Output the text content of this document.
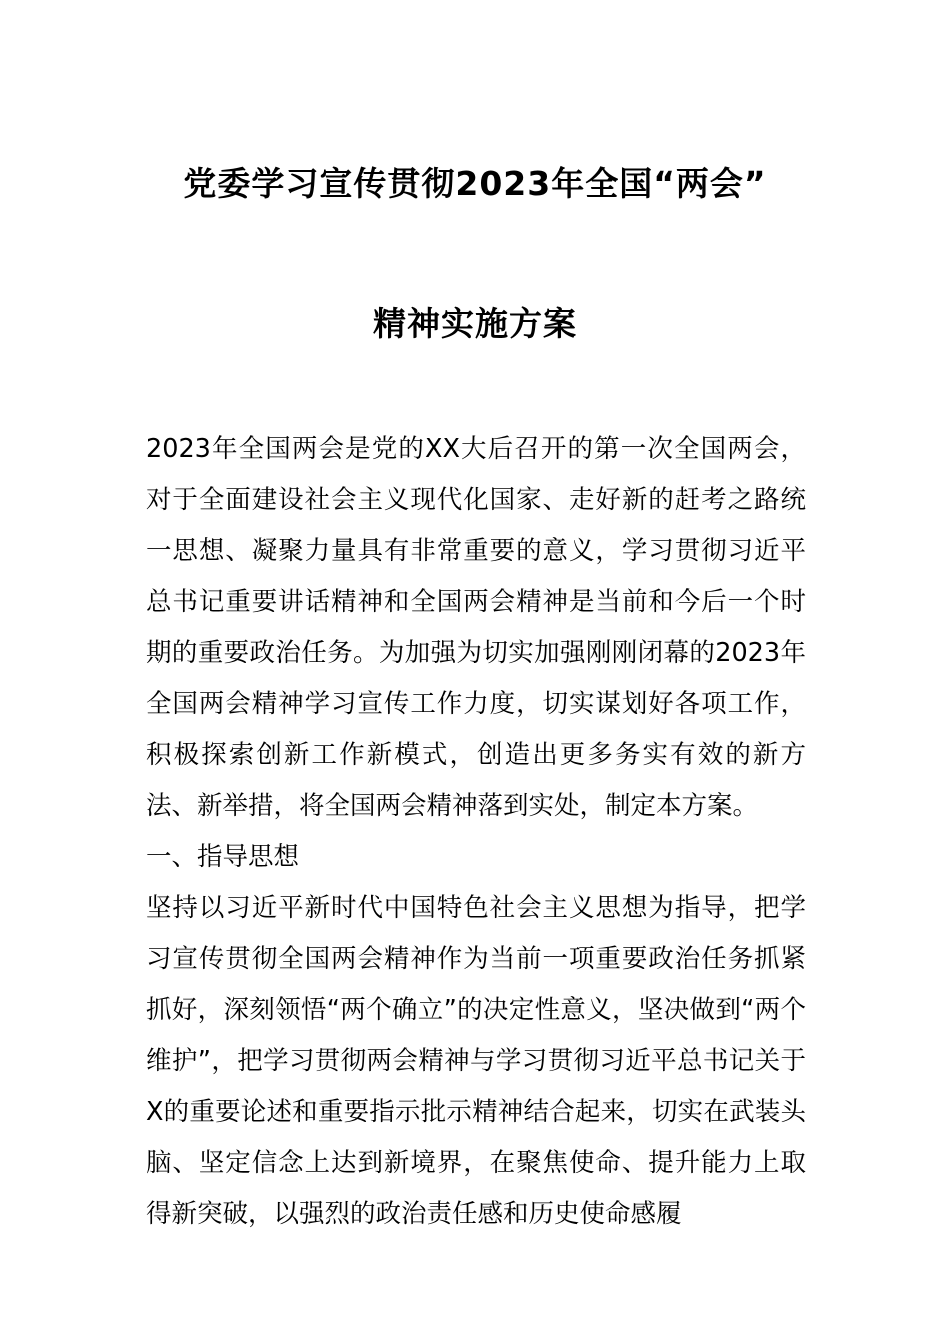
党委学习宣传贯彻2023年全国“两会”
精神实施方案

2023年全国两会是党的XX大后召开的第一次全国两会，对于全面建设社会主义现代化国家、走好新的赶考之路统一思想、凝聚力量具有非常重要的意义，学习贯彻习近平总书记重要讲话精神和全国两会精神是当前和今后一个时期的重要政治任务。为加强为切实加强刚刚闭幕的2023年全国两会精神学习宣传工作力度，切实谋划好各项工作，积极探索创新工作新模式，创造出更多务实有效的新方法、新举措，将全国两会精神落到实处，制定本方案。

一、指导思想

坚持以习近平新时代中国特色社会主义思想为指导，把学习宣传贯彻全国两会精神作为当前一项重要政治任务抓紧抓好，深刻领悟“两个确立”的决定性意义，坚决做到“两个维护”，把学习贯彻两会精神与学习贯彻习近平总书记关于X的重要论述和重要指示批示精神结合起来，切实在武装头脑、坚定信念上达到新境界，在聚焦使命、提升能力上取得新突破，以强烈的政治责任感和历史使命感履
